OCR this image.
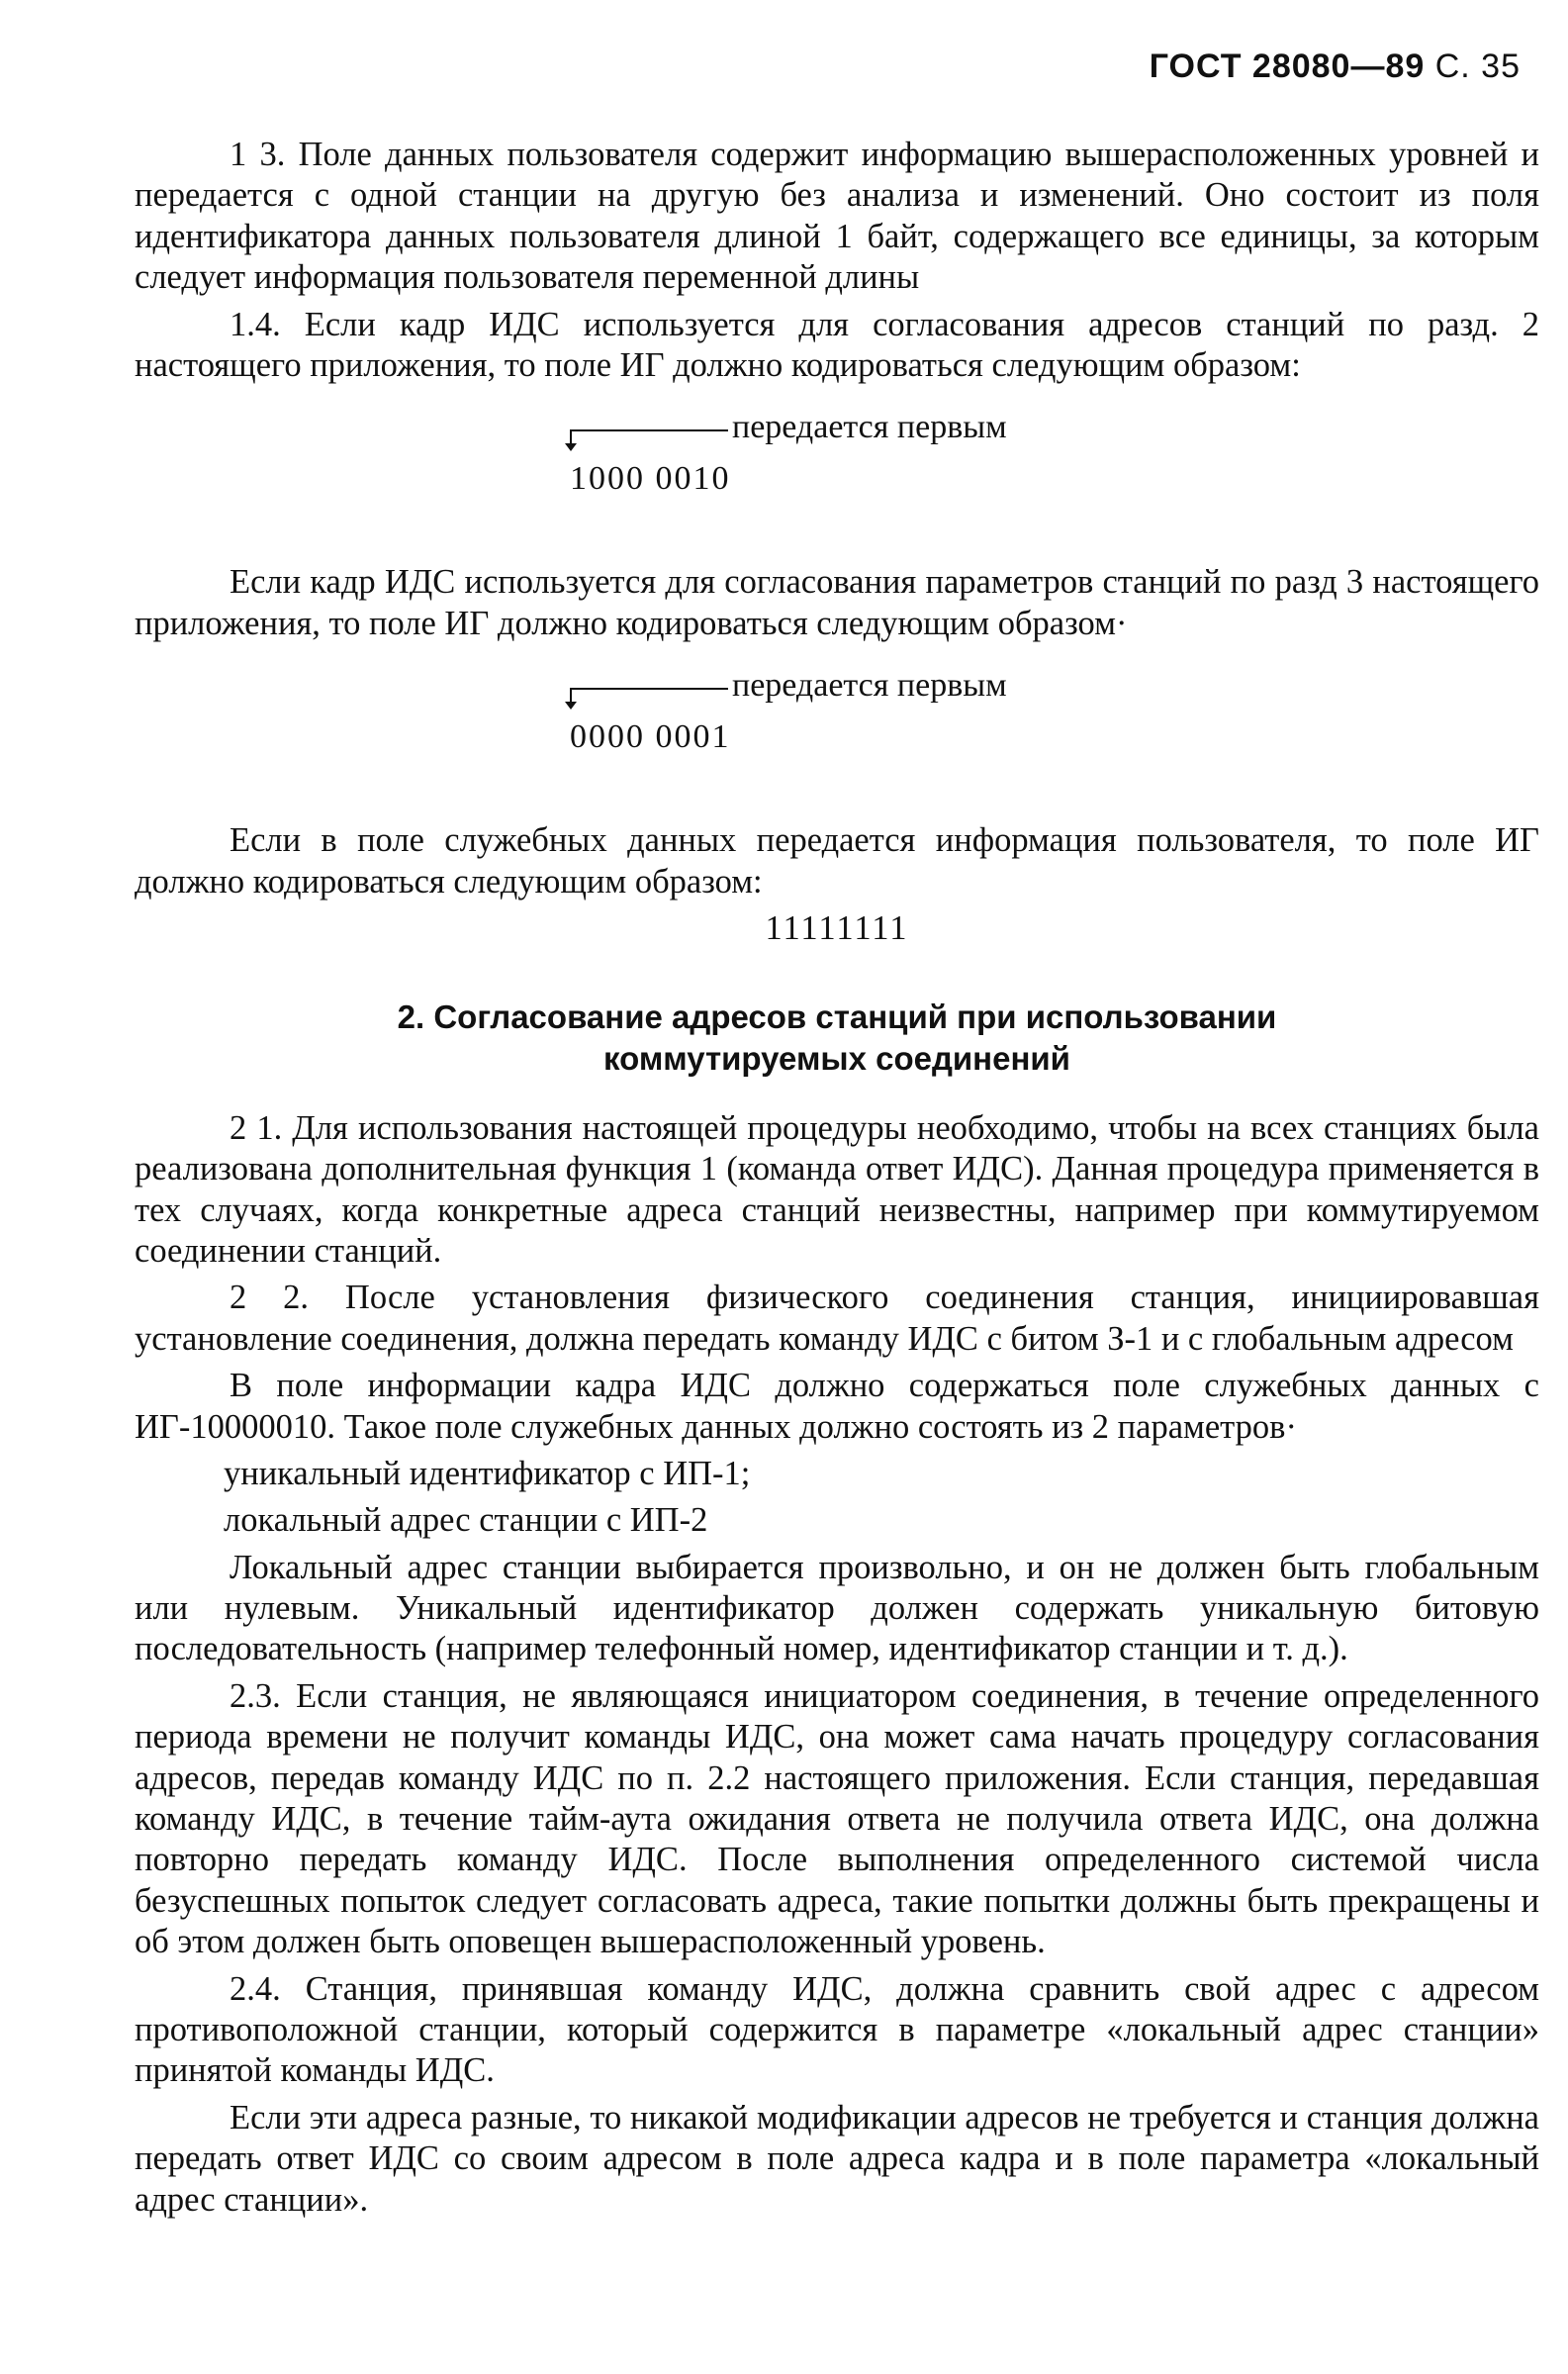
ГОСТ 28080—89 С. 35

1 3. Поле данных пользователя содержит информацию вышерасположенных уровней и передается с одной станции на другую без анализа и изменений. Оно состоит из поля идентификатора данных пользователя длиной 1 байт, содержащего все единицы, за которым следует информация пользователя переменной длины

1.4. Если кадр ИДС используется для согласования адресов станций по разд. 2 настоящего приложения, то поле ИГ должно кодироваться следующим образом:

передается первым
1000 0010

Если кадр ИДС используется для согласования параметров станций по разд 3 настоящего приложения, то поле ИГ должно кодироваться следующим образом·

передается первым
0000 0001

Если в поле служебных данных передается информация пользователя, то поле ИГ должно кодироваться следующим образом:

11111111
2. Согласование адресов станций при использовании
коммутируемых соединений

2 1. Для использования настоящей процедуры необходимо, чтобы на всех станциях была реализована дополнительная функция 1 (команда ответ ИДС). Данная процедура применяется в тех случаях, когда конкретные адреса станций неизвестны, например при коммутируемом соединении станций.

2 2. После установления физического соединения станция, инициировавшая установление соединения, должна передать команду ИДС с битом З-1 и с глобальным адресом

В поле информации кадра ИДС должно содержаться поле служебных данных с ИГ-10000010. Такое поле служебных данных должно состоять из 2 параметров·

уникальный идентификатор с ИП-1;

локальный адрес станции с ИП-2

Локальный адрес станции выбирается произвольно, и он не должен быть глобальным или нулевым. Уникальный идентификатор должен содержать уникальную битовую последовательность (например телефонный номер, идентификатор станции и т. д.).

2.3. Если станция, не являющаяся инициатором соединения, в течение определенного периода времени не получит команды ИДС, она может сама начать процедуру согласования адресов, передав команду ИДС по п. 2.2 настоящего приложения. Если станция, передавшая команду ИДС, в течение тайм-аута ожидания ответа не получила ответа ИДС, она должна повторно передать команду ИДС. После выполнения определенного системой числа безуспешных попыток следует согласовать адреса, такие попытки должны быть прекращены и об этом должен быть оповещен вышерасположенный уровень.

2.4. Станция, принявшая команду ИДС, должна сравнить свой адрес с адресом противоположной станции, который содержится в параметре «локальный адрес станции» принятой команды ИДС.

Если эти адреса разные, то никакой модификации адресов не требуется и станция должна передать ответ ИДС со своим адресом в поле адреса кадра и в поле параметра «локальный адрес станции».
